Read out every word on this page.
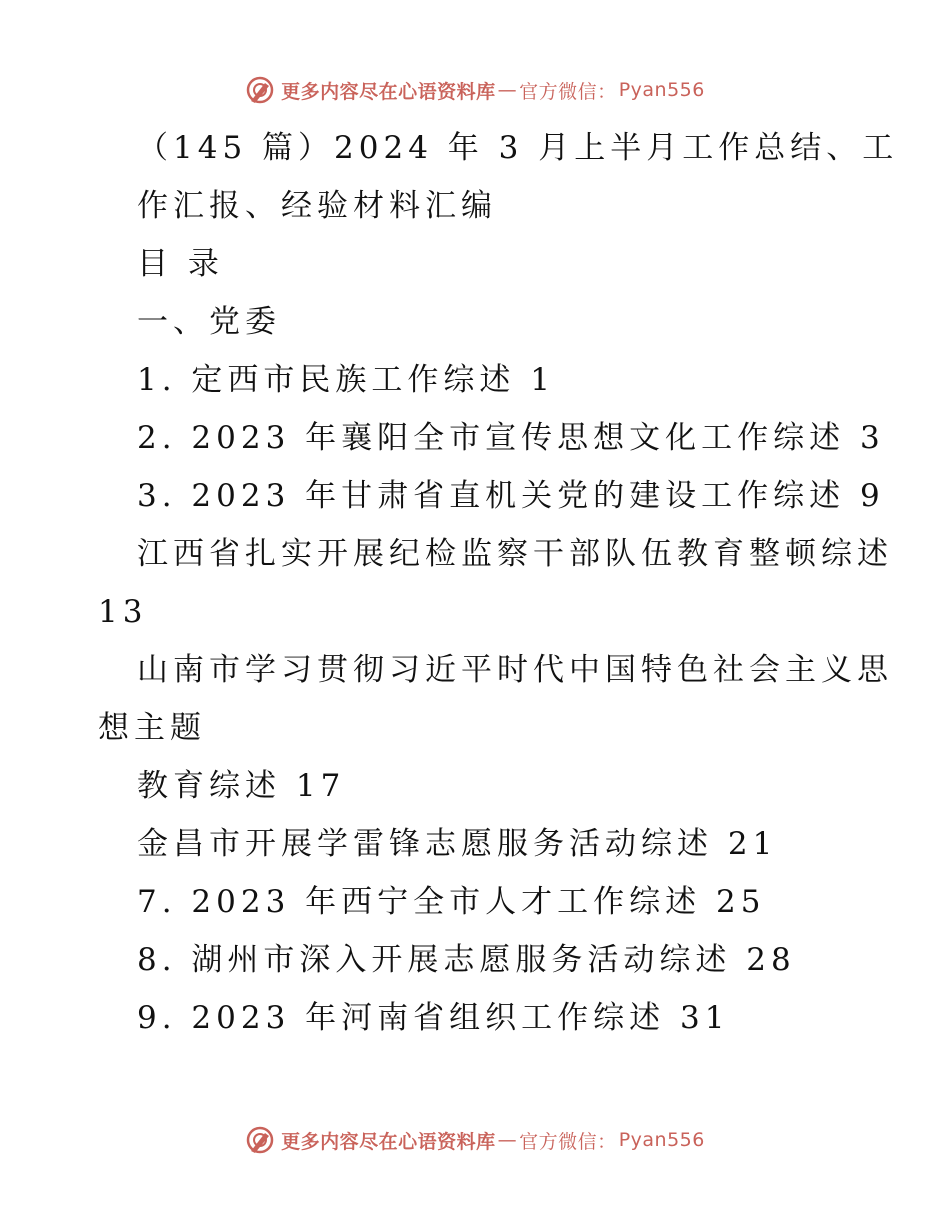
更多内容尽在心语资料库 — 官方微信： Pyan556
（145 篇）2024 年 3 月上半月工作总结、工
作汇报、经验材料汇编
目 录
一、党委
1. 定西市民族工作综述 1
2. 2023 年襄阳全市宣传思想文化工作综述 3
3. 2023 年甘肃省直机关党的建设工作综述 9
江西省扎实开展纪检监察干部队伍教育整顿综述
13
山南市学习贯彻习近平时代中国特色社会主义思
想主题
教育综述 17
金昌市开展学雷锋志愿服务活动综述 21
7. 2023 年西宁全市人才工作综述 25
8. 湖州市深入开展志愿服务活动综述 28
9. 2023 年河南省组织工作综述 31
更多内容尽在心语资料库 — 官方微信： Pyan556
